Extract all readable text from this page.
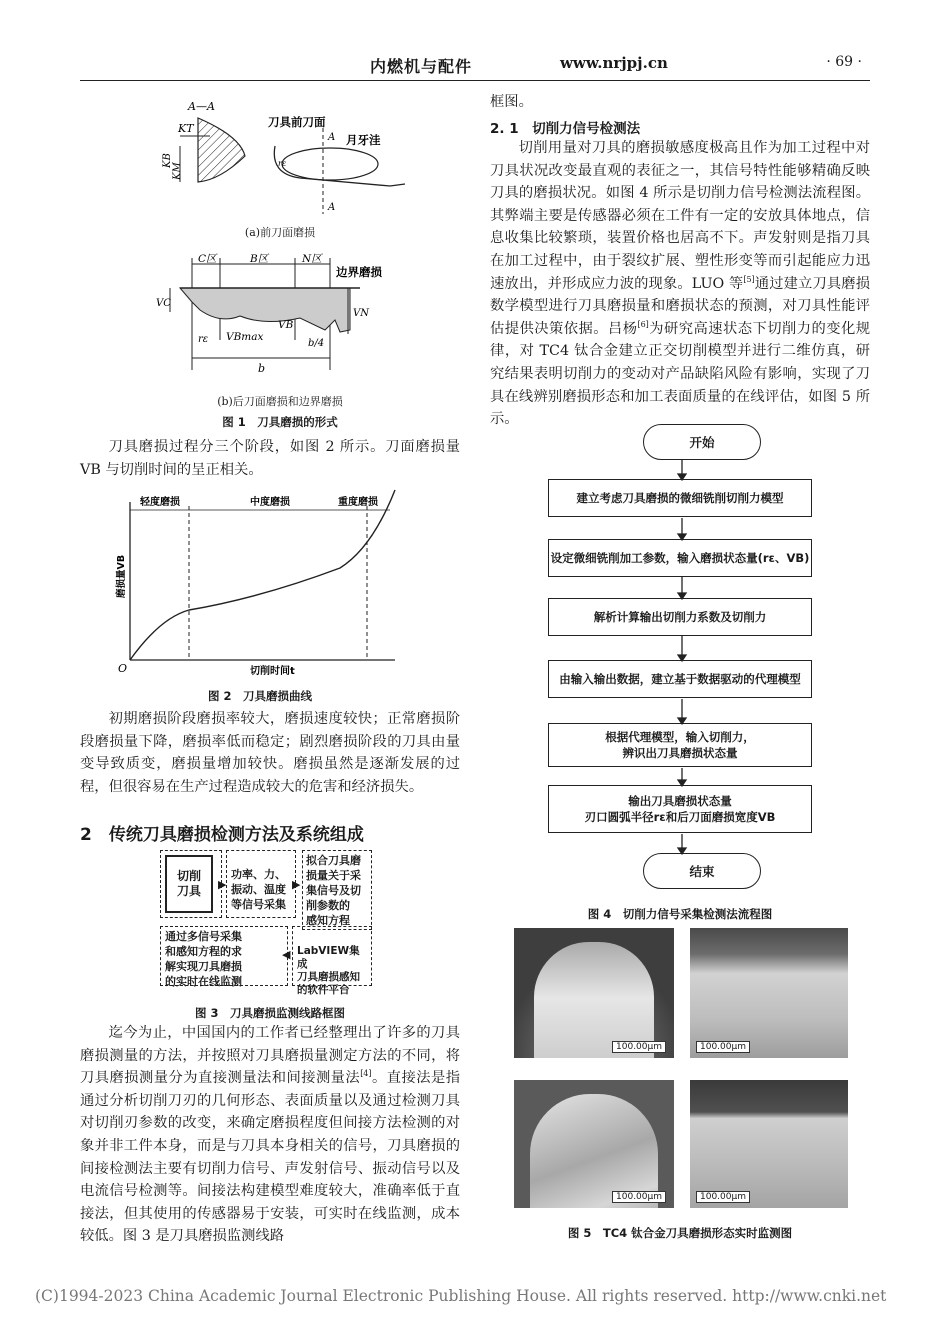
内燃机与配件	www.nrjpj.cn	· 69 ·
A—A
KT
KB
KM
刀具前刀面
月牙洼
A
A
rε
(a)前刀面磨损
C区	B区	N区
边界磨损
VC
VBmax
VB
VN
rε	b/4
b
(b)后刀面磨损和边界磨损
图 1　刀具磨损的形式

刀具磨损过程分三个阶段，如图 2 所示。刀面磨损量 VB 与切削时间的呈正相关。

轻度磨损	中度磨损	重度磨损
磨损量VB
切削时间t
O
图 2　刀具磨损曲线

初期磨损阶段磨损率较大，磨损速度较快；正常磨损阶段磨损量下降，磨损率低而稳定；剧烈磨损阶段的刀具由量变导致质变，磨损量增加较快。磨损虽然是逐渐发展的过程，但很容易在生产过程造成较大的危害和经济损失。

2　传统刀具磨损检测方法及系统组成
切削
刀具
功率、力、
振动、温度
等信号采集
拟合刀具磨
损量关于采
集信号及切
削参数的
感知方程
通过多信号采集
和感知方程的求
解实现刀具磨损
的实时在线监测
LabVIEW集成
刀具磨损感知
的软件平台
▶	▶
◀
图 3　刀具磨损监测线路框图

迄今为止，中国国内的工作者已经整理出了许多的刀具磨损测量的方法，并按照对刀具磨损量测定方法的不同，将刀具磨损测量分为直接测量法和间接测量法[4]。直接法是指通过分析切削刀刃的几何形态、表面质量以及通过检测刀具对切削刃参数的改变，来确定磨损程度但间接方法检测的对象并非工件本身，而是与刀具本身相关的信号，刀具磨损的间接检测法主要有切削力信号、声发射信号、振动信号以及电流信号检测等。间接法构建模型难度较大，准确率低于直接法，但其使用的传感器易于安装，可实时在线监测，成本较低。图 3 是刀具磨损监测线路

框图。
2. 1　切削力信号检测法

切削用量对刀具的磨损敏感度极高且作为加工过程中对刀具状况改变最直观的表征之一，其信号特性能够精确反映刀具的磨损状况。如图 4 所示是切削力信号检测法流程图。其弊端主要是传感器必须在工件有一定的安放具体地点，信息收集比较繁琐，装置价格也居高不下。声发射则是指刀具在加工过程中，由于裂纹扩展、塑性形变等而引起能应力迅速放出，并形成应力波的现象。LUO 等[5]通过建立刀具磨损数学模型进行刀具磨损量和磨损状态的预测，对刀具性能评估提供决策依据。吕杨[6]为研究高速状态下切削力的变化规律，对 TC4 钛合金建立正交切削模型并进行二维仿真，研究结果表明切削力的变动对产品缺陷风险有影响，实现了刀具在线辨别磨损形态和加工表面质量的在线评估，如图 5 所示。

开始
建立考虑刀具磨损的微细铣削切削力模型
设定微细铣削加工参数，输入磨损状态量(rε、VB)
解析计算输出切削力系数及切削力
由输入输出数据，建立基于数据驱动的代理模型
根据代理模型，输入切削力，
辨识出刀具磨损状态量
输出刀具磨损状态量
刃口圆弧半径rε和后刀面磨损宽度VB
结束
图 4　切削力信号采集检测法流程图
100.00μm	100.00μm
100.00μm	100.00μm
图 5　TC4 钛合金刀具磨损形态实时监测图
(C)1994-2023 China Academic Journal Electronic Publishing House. All rights reserved. http://www.cnki.net
